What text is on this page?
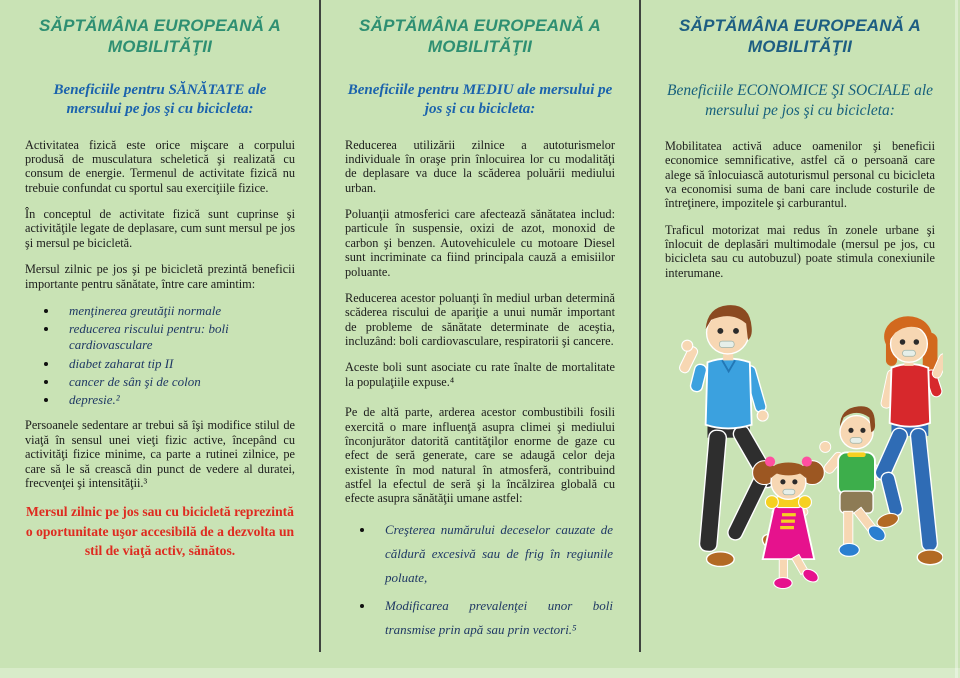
SĂPTĂMÂNA EUROPEANĂ A MOBILITĂŢII
Beneficiile pentru SĂNĂTATE ale mersului pe jos şi cu bicicleta:

Activitatea fizică este orice mişcare a corpului produsă de musculatura scheletică şi realizată cu consum de energie. Termenul de activitate fizică nu trebuie confundat cu sportul sau exerciţiile fizice.

În conceptul de activitate fizică sunt cuprinse şi activităţile legate de deplasare, cum sunt mersul pe jos şi mersul pe bicicletă.

Mersul zilnic pe jos şi pe bicicletă prezintă beneficii importante pentru sănătate, între care amintim:

• menţinerea greutăţii normale
• reducerea riscului pentru: boli cardiovasculare
• diabet zaharat tip II
• cancer de sân şi de colon
• depresie.²

Persoanele sedentare ar trebui să îşi modifice stilul de viaţă în sensul unei vieţi fizic active, începând cu activităţi fizice minime, ca parte a rutinei zilnice, pe care să le să crească din punct de vedere al duratei, frecvenţei şi intensităţii.³

Mersul zilnic pe jos sau cu bicicletă reprezintă o oportunitate uşor accesibilă de a dezvolta un stil de viaţă activ, sănătos.

SĂPTĂMÂNA EUROPEANĂ A MOBILITĂŢII
Beneficiile pentru MEDIU ale mersului pe jos şi cu bicicleta:

Reducerea utilizării zilnice a autoturismelor individuale în oraşe prin înlocuirea lor cu modalităţi de deplasare va duce la scăderea poluării mediului urban.

Poluanţii atmosferici care afectează sănătatea includ: particule în suspensie, oxizi de azot, monoxid de carbon şi benzen. Autovehiculele cu motoare Diesel sunt incriminate ca fiind principala cauză a emisiilor poluante.

Reducerea acestor poluanţi în mediul urban determină scăderea riscului de apariţie a unui număr important de probleme de sănătate determinate de aceştia, incluzând: boli cardiovasculare, respiratorii şi cancere.

Aceste boli sunt asociate cu rate înalte de mortalitate la populaţiile expuse.⁴

Pe de altă parte, arderea acestor combustibili fosili exercită o mare influenţă asupra climei şi mediului înconjurător datorită cantităţilor enorme de gaze cu efect de seră generate, care se adaugă celor deja existente în mod natural în atmosferă, contribuind astfel la efectul de seră şi la încălzirea globală cu efecte asupra sănătăţii umane astfel:

• Creşterea numărului deceselor cauzate de căldură excesivă sau de frig în regiunile poluate,
• Modificarea prevalenţei unor boli transmise prin apă sau prin vectori.⁵
SĂPTĂMÂNA EUROPEANĂ A MOBILITĂŢII
Beneficiile ECONOMICE ŞI SOCIALE ale mersului pe jos şi cu bicicleta:

Mobilitatea activă aduce oamenilor şi beneficii economice semnificative, astfel că o persoană care alege să înlocuiască autoturismul personal cu bicicleta va economisi suma de bani care include costurile de întreţinere, impozitele şi carburantul.

Traficul motorizat mai redus în zonele urbane şi înlocuit de deplasări multimodale (mersul pe jos, cu bicicleta sau cu autobuzul) poate stimula conexiunile interumane.
